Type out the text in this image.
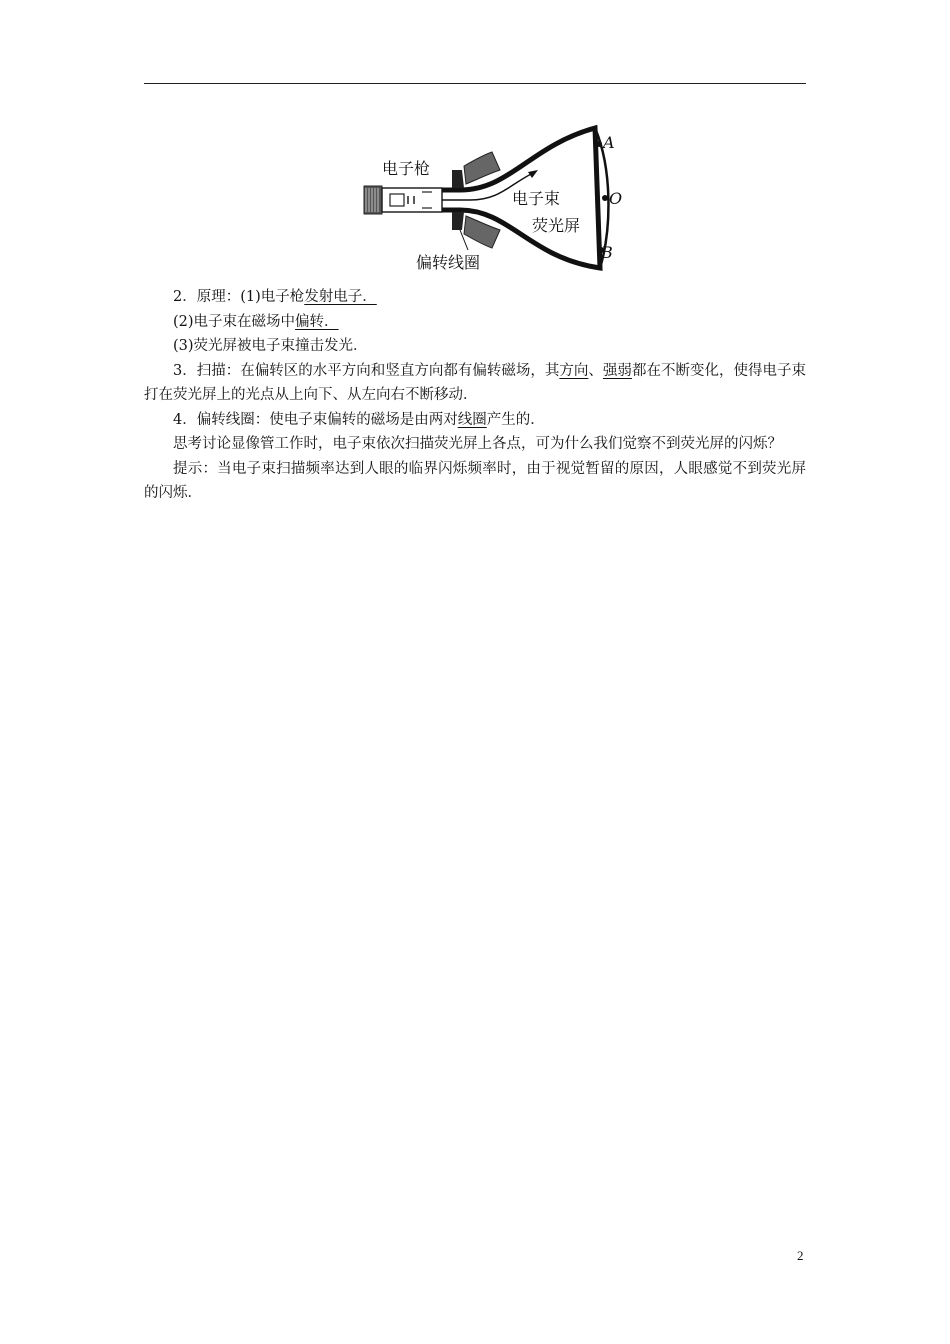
电子枪
电子束
荧光屏
偏转线圈
A
O
B

2．原理：(1)电子枪发射电子．

(2)电子束在磁场中偏转．

(3)荧光屏被电子束撞击发光．

3．扫描：在偏转区的水平方向和竖直方向都有偏转磁场，其方向、强弱都在不断变化，使得电子束打在荧光屏上的光点从上向下、从左向右不断移动．

4．偏转线圈：使电子束偏转的磁场是由两对线圈产生的．

思考讨论显像管工作时，电子束依次扫描荧光屏上各点，可为什么我们觉察不到荧光屏的闪烁？

提示：当电子束扫描频率达到人眼的临界闪烁频率时，由于视觉暂留的原因，人眼感觉不到荧光屏的闪烁．

2
